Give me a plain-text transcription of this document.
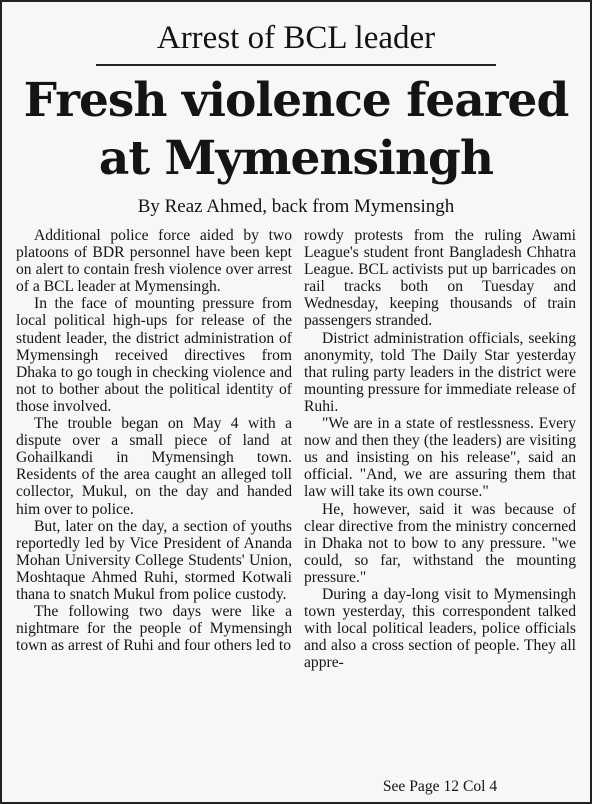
Arrest of BCL leader
Fresh violence feared
at Mymensingh
By Reaz Ahmed, back from Mymensingh

Additional police force aided by two platoons of BDR personnel have been kept on alert to contain fresh violence over arrest of a BCL leader at Mymensingh.

In the face of mounting pressure from local political high-ups for release of the student leader, the district administration of Mymensingh received directives from Dhaka to go tough in checking violence and not to bother about the political identity of those involved.

The trouble began on May 4 with a dispute over a small piece of land at Gohailkandi in Mymensingh town. Residents of the area caught an alleged toll collector, Mukul, on the day and handed him over to police.

But, later on the day, a section of youths reportedly led by Vice President of Ananda Mohan University College Students' Union, Moshtaque Ahmed Ruhi, stormed Kotwali thana to snatch Mukul from police custody.

The following two days were like a nightmare for the people of Mymensingh town as arrest of Ruhi and four others led to

rowdy protests from the ruling Awami League's student front Bangladesh Chhatra League. BCL activists put up barricades on rail tracks both on Tuesday and Wednesday, keeping thousands of train passengers stranded.

District administration officials, seeking anonymity, told The Daily Star yesterday that ruling party leaders in the district were mounting pressure for immediate release of Ruhi.

"We are in a state of restlessness. Every now and then they (the leaders) are visiting us and insisting on his release", said an official. "And, we are assuring them that law will take its own course."

He, however, said it was because of clear directive from the ministry concerned in Dhaka not to bow to any pressure. "we could, so far, withstand the mounting pressure."

During a day-long visit to Mymensingh town yesterday, this correspondent talked with local political leaders, police officials and also a cross section of people. They all appre-

See Page 12 Col 4
